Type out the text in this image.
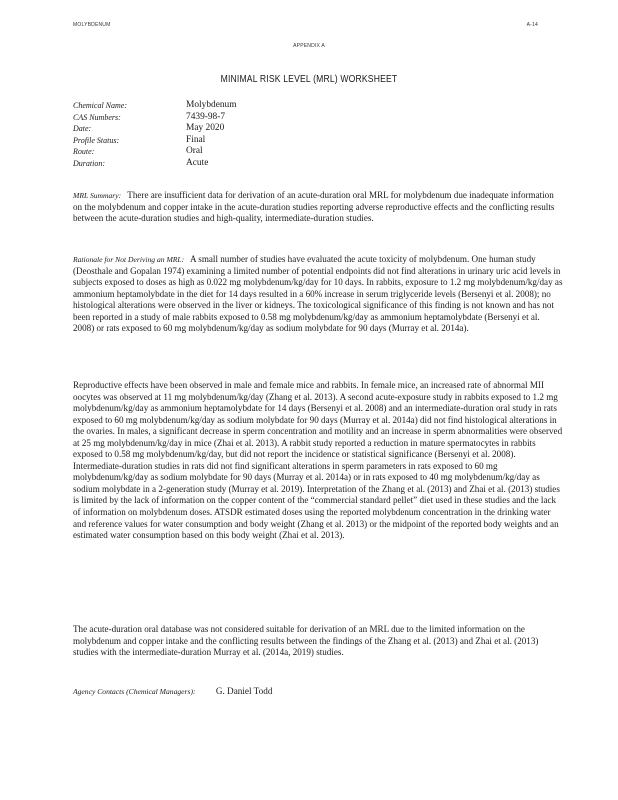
MOLYBDENUM	A-14
APPENDIX A
MINIMAL RISK LEVEL (MRL) WORKSHEET
Chemical Name:	Molybdenum
CAS Numbers:	7439-98-7
Date:	May 2020
Profile Status:	Final
Route:	Oral
Duration:	Acute
MRL Summary: There are insufficient data for derivation of an acute-duration oral MRL for molybdenum due inadequate information on the molybdenum and copper intake in the acute-duration studies reporting adverse reproductive effects and the conflicting results between the acute-duration studies and high-quality, intermediate-duration studies.
Rationale for Not Deriving an MRL: A small number of studies have evaluated the acute toxicity of molybdenum. One human study (Deosthale and Gopalan 1974) examining a limited number of potential endpoints did not find alterations in urinary uric acid levels in subjects exposed to doses as high as 0.022 mg molybdenum/kg/day for 10 days. In rabbits, exposure to 1.2 mg molybdenum/kg/day as ammonium heptamolybdate in the diet for 14 days resulted in a 60% increase in serum triglyceride levels (Bersenyi et al. 2008); no histological alterations were observed in the liver or kidneys. The toxicological significance of this finding is not known and has not been reported in a study of male rabbits exposed to 0.58 mg molybdenum/kg/day as ammonium heptamolybdate (Bersenyi et al. 2008) or rats exposed to 60 mg molybdenum/kg/day as sodium molybdate for 90 days (Murray et al. 2014a).
Reproductive effects have been observed in male and female mice and rabbits. In female mice, an increased rate of abnormal MII oocytes was observed at 11 mg molybdenum/kg/day (Zhang et al. 2013). A second acute-exposure study in rabbits exposed to 1.2 mg molybdenum/kg/day as ammonium heptamolybdate for 14 days (Bersenyi et al. 2008) and an intermediate-duration oral study in rats exposed to 60 mg molybdenum/kg/day as sodium molybdate for 90 days (Murray et al. 2014a) did not find histological alterations in the ovaries. In males, a significant decrease in sperm concentration and motility and an increase in sperm abnormalities were observed at 25 mg molybdenum/kg/day in mice (Zhai et al. 2013). A rabbit study reported a reduction in mature spermatocytes in rabbits exposed to 0.58 mg molybdenum/kg/day, but did not report the incidence or statistical significance (Bersenyi et al. 2008). Intermediate-duration studies in rats did not find significant alterations in sperm parameters in rats exposed to 60 mg molybdenum/kg/day as sodium molybdate for 90 days (Murray et al. 2014a) or in rats exposed to 40 mg molybdenum/kg/day as sodium molybdate in a 2-generation study (Murray et al. 2019). Interpretation of the Zhang et al. (2013) and Zhai et al. (2013) studies is limited by the lack of information on the copper content of the “commercial standard pellet” diet used in these studies and the lack of information on molybdenum doses. ATSDR estimated doses using the reported molybdenum concentration in the drinking water and reference values for water consumption and body weight (Zhang et al. 2013) or the midpoint of the reported body weights and an estimated water consumption based on this body weight (Zhai et al. 2013).
The acute-duration oral database was not considered suitable for derivation of an MRL due to the limited information on the molybdenum and copper intake and the conflicting results between the findings of the Zhang et al. (2013) and Zhai et al. (2013) studies with the intermediate-duration Murray et al. (2014a, 2019) studies.
Agency Contacts (Chemical Managers): G. Daniel Todd
